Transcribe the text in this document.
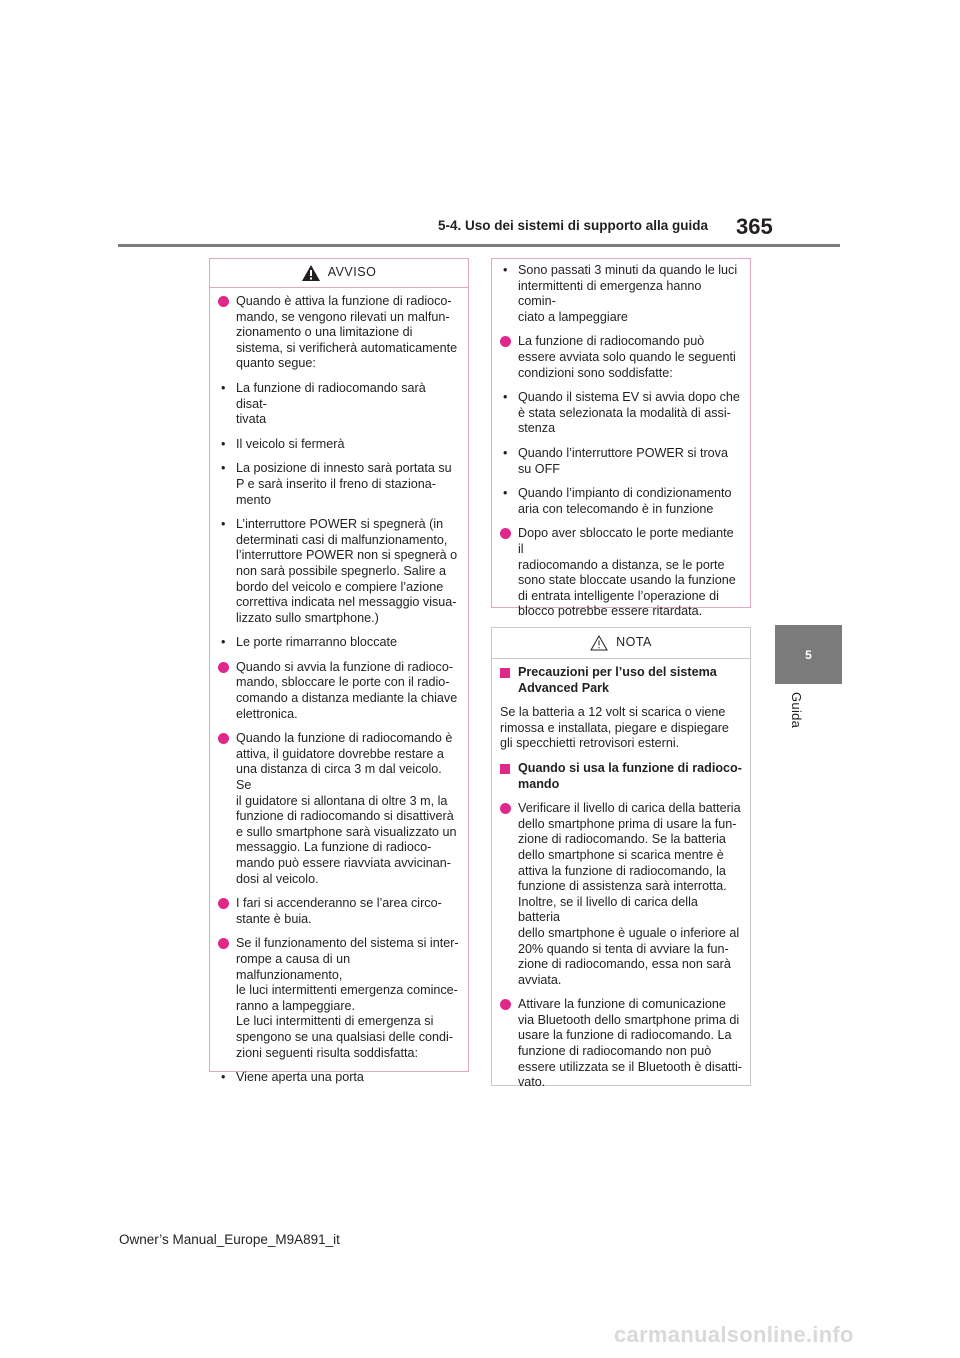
5-4. Uso dei sistemi di supporto alla guida 365
5
Guida
AVVISO
Quando è attiva la funzione di radioco-
mando, se vengono rilevati un malfun-
zionamento o una limitazione di
sistema, si verificherà automaticamente
quanto segue:
• La funzione di radiocomando sarà disat-
tivata
• Il veicolo si fermerà
• La posizione di innesto sarà portata su
P e sarà inserito il freno di staziona-
mento
• L’interruttore POWER si spegnerà (in
determinati casi di malfunzionamento,
l’interruttore POWER non si spegnerà o
non sarà possibile spegnerlo. Salire a
bordo del veicolo e compiere l’azione
correttiva indicata nel messaggio visua-
lizzato sullo smartphone.)
• Le porte rimarranno bloccate
Quando si avvia la funzione di radioco-
mando, sbloccare le porte con il radio-
comando a distanza mediante la chiave
elettronica.
Quando la funzione di radiocomando è
attiva, il guidatore dovrebbe restare a
una distanza di circa 3 m dal veicolo. Se
il guidatore si allontana di oltre 3 m, la
funzione di radiocomando si disattiverà
e sullo smartphone sarà visualizzato un
messaggio. La funzione di radioco-
mando può essere riavviata avvicinan-
dosi al veicolo.
I fari si accenderanno se l’area circo-
stante è buia.
Se il funzionamento del sistema si inter-
rompe a causa di un malfunzionamento,
le luci intermittenti emergenza comince-
ranno a lampeggiare.
Le luci intermittenti di emergenza si
spengono se una qualsiasi delle condi-
zioni seguenti risulta soddisfatta:
• Viene aperta una porta
• Sono passati 3 minuti da quando le luci
intermittenti di emergenza hanno comin-
ciato a lampeggiare
La funzione di radiocomando può
essere avviata solo quando le seguenti
condizioni sono soddisfatte:
• Quando il sistema EV si avvia dopo che
è stata selezionata la modalità di assi-
stenza
• Quando l’interruttore POWER si trova
su OFF
• Quando l’impianto di condizionamento
aria con telecomando è in funzione
Dopo aver sbloccato le porte mediante il
radiocomando a distanza, se le porte
sono state bloccate usando la funzione
di entrata intelligente l’operazione di
blocco potrebbe essere ritardata.
NOTA
Precauzioni per l’uso del sistema
Advanced Park
Se la batteria a 12 volt si scarica o viene
rimossa e installata, piegare e dispiegare
gli specchietti retrovisori esterni.
Quando si usa la funzione di radioco-
mando
Verificare il livello di carica della batteria
dello smartphone prima di usare la fun-
zione di radiocomando. Se la batteria
dello smartphone si scarica mentre è
attiva la funzione di radiocomando, la
funzione di assistenza sarà interrotta.
Inoltre, se il livello di carica della batteria
dello smartphone è uguale o inferiore al
20% quando si tenta di avviare la fun-
zione di radiocomando, essa non sarà
avviata.
Attivare la funzione di comunicazione
via Bluetooth dello smartphone prima di
usare la funzione di radiocomando. La
funzione di radiocomando non può
essere utilizzata se il Bluetooth è disatti-
vato.
Owner’s Manual_Europe_M9A891_it
carmanualsonline.info
